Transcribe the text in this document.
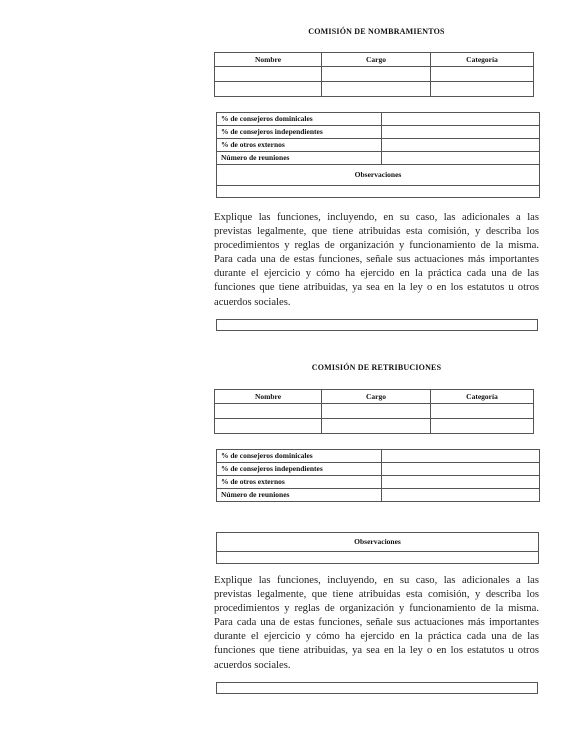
COMISIÓN DE NOMBRAMIENTOS
Nombre	Cargo	Categoría

% de consejeros dominicales	
% de consejeros independientes	
% de otros externos	
Número de reuniones	
Observaciones	

Explique las funciones, incluyendo, en su caso, las adicionales a las previstas legalmente, que tiene atribuidas esta comisión, y describa los procedimientos y reglas de organización y funcionamiento de la misma. Para cada una de estas funciones, señale sus actuaciones más importantes durante el ejercicio y cómo ha ejercido en la práctica cada una de las funciones que tiene atribuidas, ya sea en la ley o en los estatutos u otros acuerdos sociales.
COMISIÓN DE RETRIBUCIONES
Nombre	Cargo	Categoría

% de consejeros dominicales	
% de consejeros independientes	
% de otros externos	
Número de reuniones	
Observaciones

Explique las funciones, incluyendo, en su caso, las adicionales a las previstas legalmente, que tiene atribuidas esta comisión, y describa los procedimientos y reglas de organización y funcionamiento de la misma. Para cada una de estas funciones, señale sus actuaciones más importantes durante el ejercicio y cómo ha ejercido en la práctica cada una de las funciones que tiene atribuidas, ya sea en la ley o en los estatutos u otros acuerdos sociales.
